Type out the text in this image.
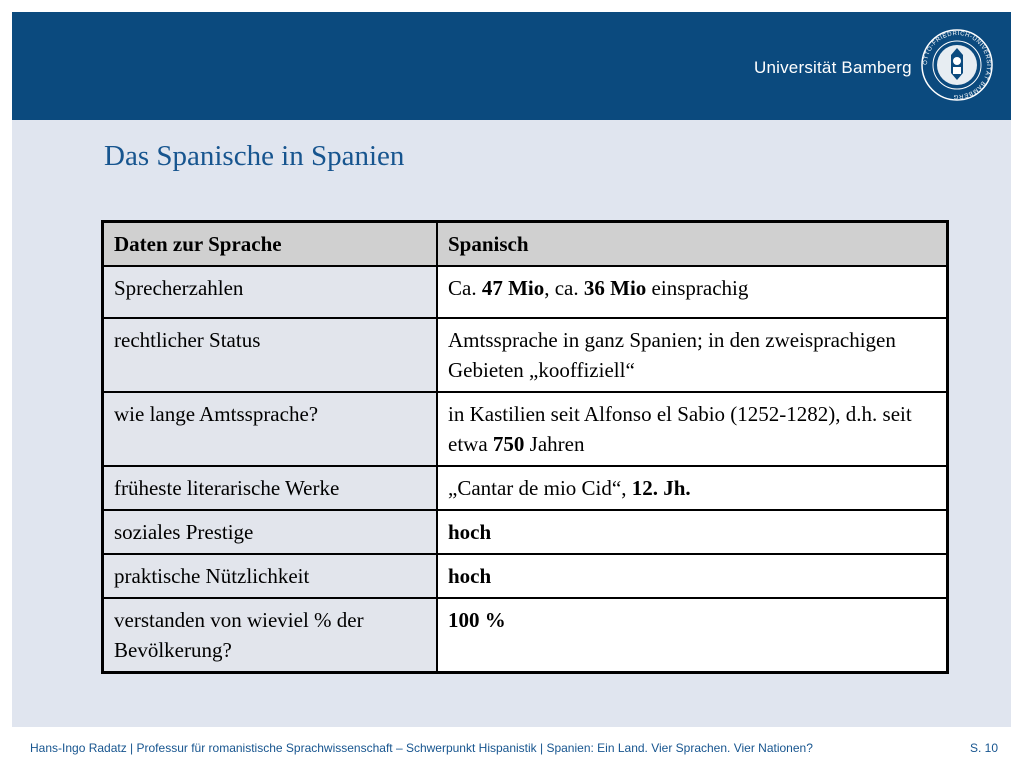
Universität Bamberg OTTO-FRIEDRICH-UNIVERSITÄT BAMBERG
Das Spanische in Spanien
Daten zur Sprache	Spanisch
Sprecherzahlen	Ca. 47 Mio, ca. 36 Mio einsprachig
rechtlicher Status	Amtssprache in ganz Spanien; in den zweisprachigen Gebieten „kooffiziell“
wie lange Amtssprache?	in Kastilien seit Alfonso el Sabio (1252-1282), d.h. seit etwa 750 Jahren
früheste literarische Werke	„Cantar de mio Cid“, 12. Jh.
soziales Prestige	hoch
praktische Nützlichkeit	hoch
verstanden von wieviel % der Bevölkerung?	100 %
Hans-Ingo Radatz | Professur für romanistische Sprachwissenschaft – Schwerpunkt Hispanistik | Spanien: Ein Land. Vier Sprachen. Vier Nationen?	S. 10
